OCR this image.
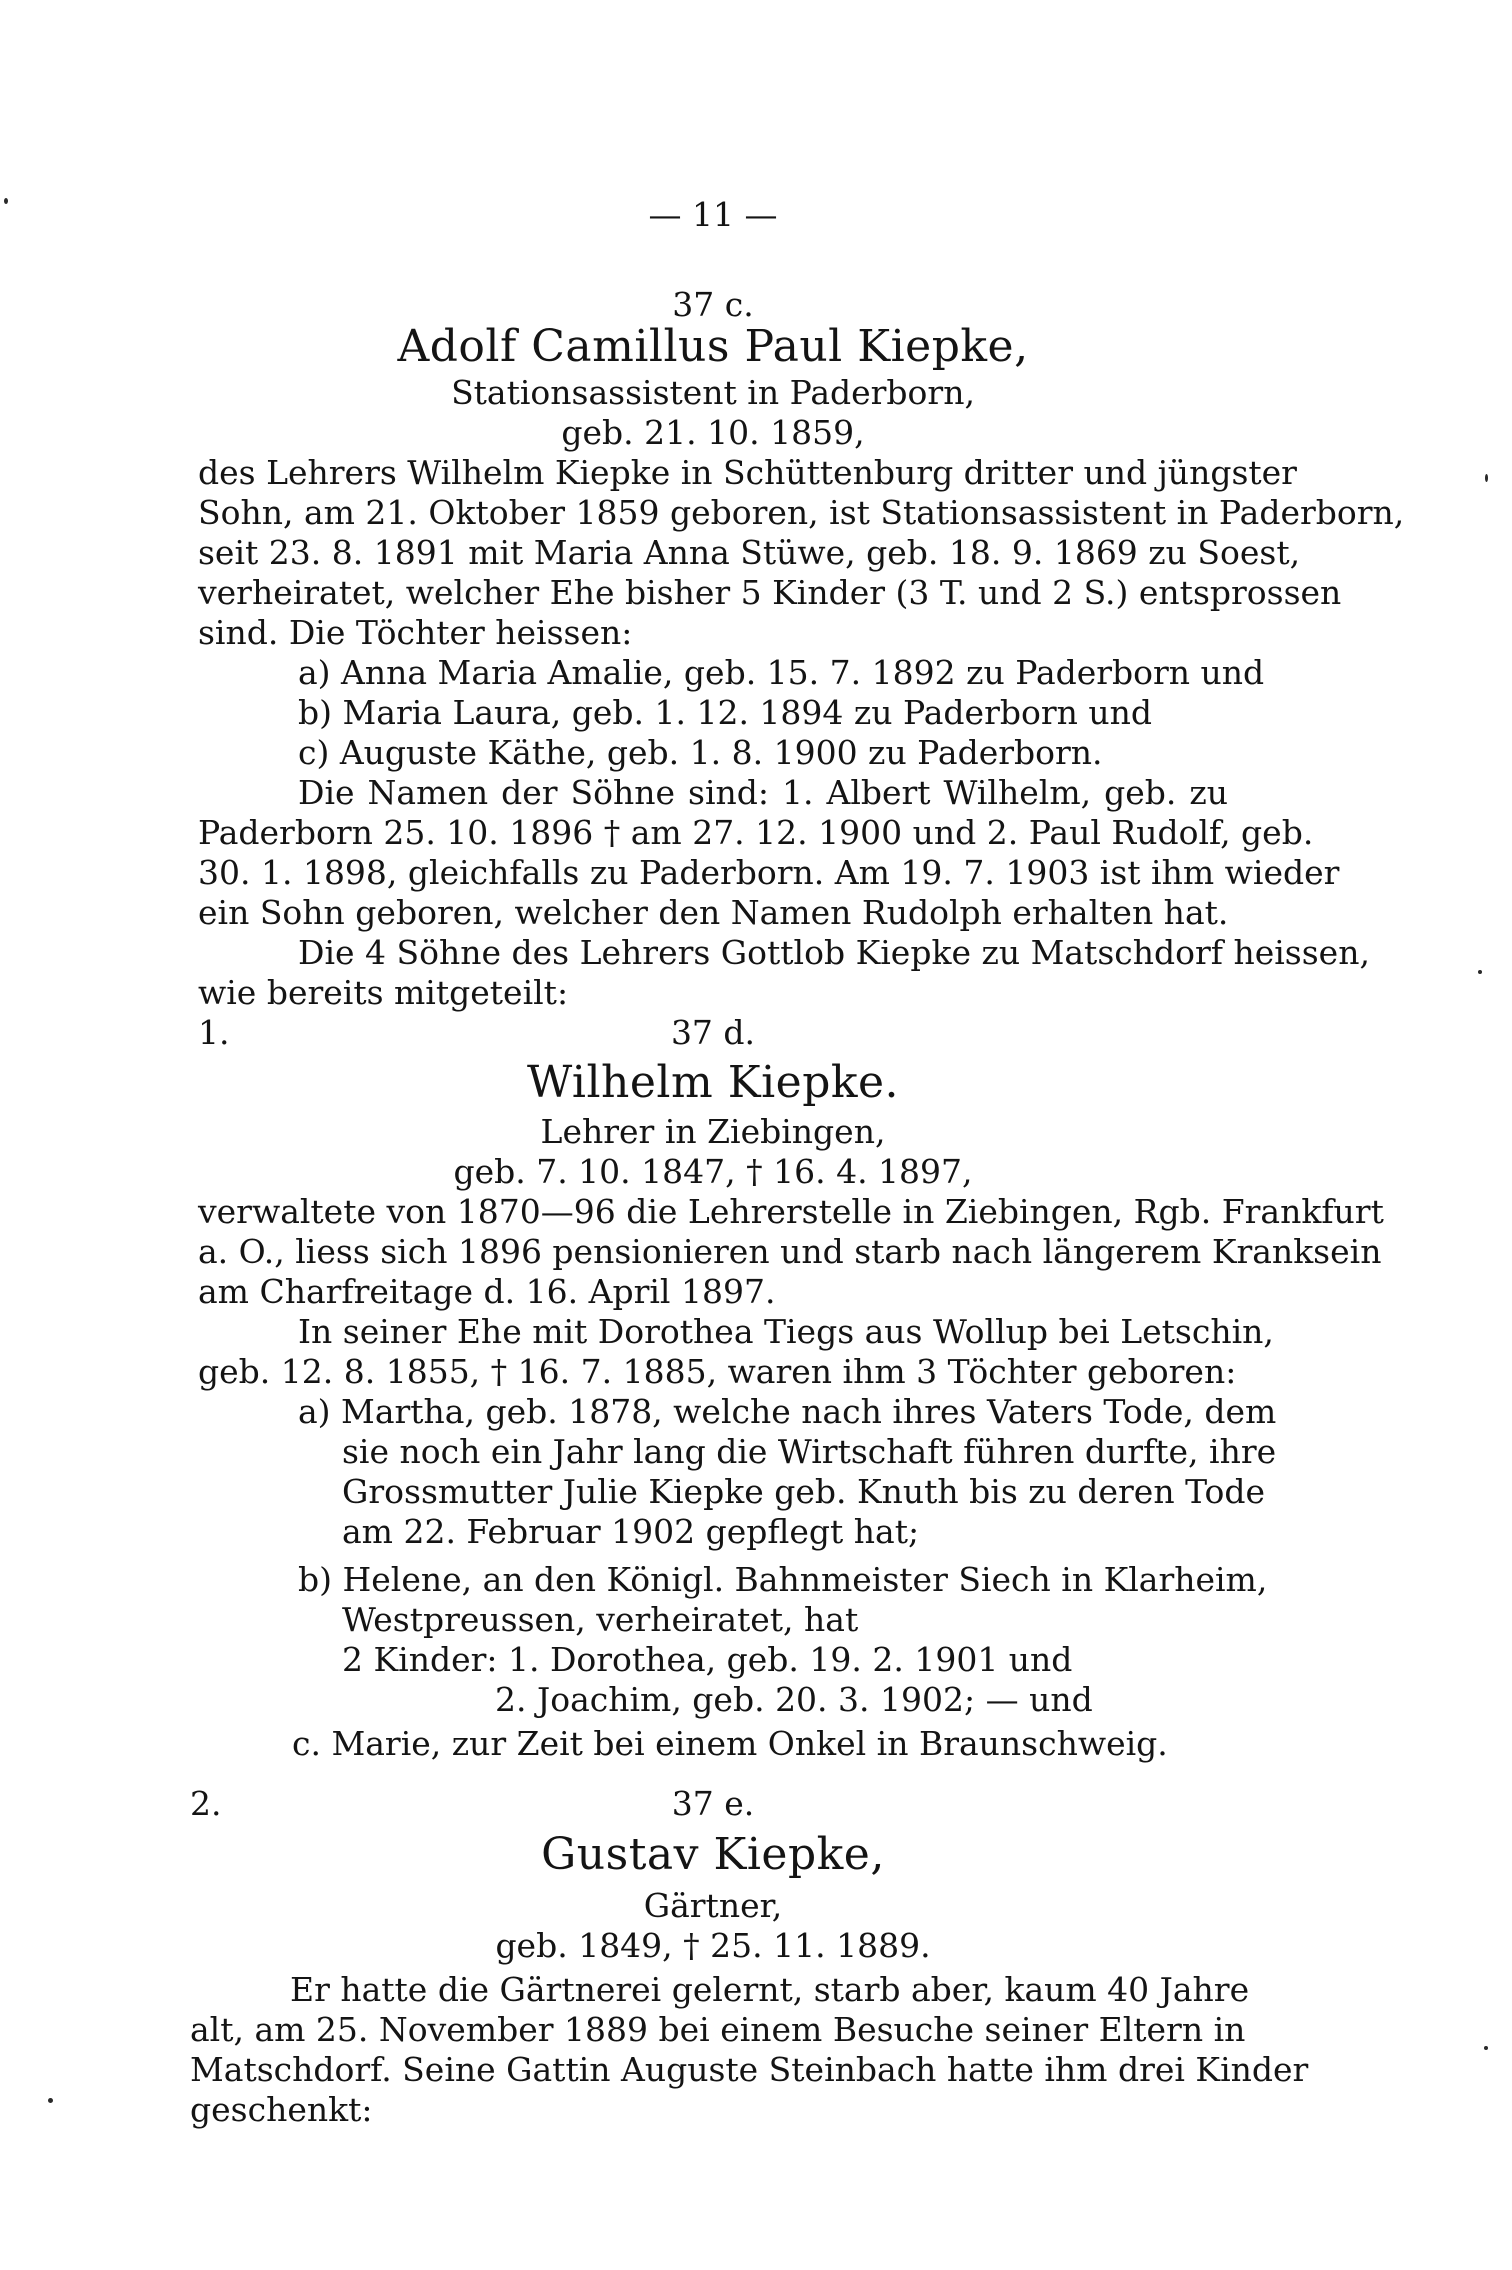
— 11 —
37 c.
Adolf Camillus Paul Kiepke,
Stationsassistent in Paderborn,
geb. 21. 10. 1859,
des Lehrers Wilhelm Kiepke in Schüttenburg dritter und jüngster
Sohn, am 21. Oktober 1859 geboren, ist Stationsassistent in Paderborn,
seit 23. 8. 1891 mit Maria Anna Stüwe, geb. 18. 9. 1869 zu Soest,
verheiratet, welcher Ehe bisher 5 Kinder (3 T. und 2 S.) entsprossen
sind. Die Töchter heissen:
a) Anna Maria Amalie, geb. 15. 7. 1892 zu Paderborn und
b) Maria Laura, geb. 1. 12. 1894 zu Paderborn und
c) Auguste Käthe, geb. 1. 8. 1900 zu Paderborn.
Die Namen der Söhne sind: 1. Albert Wilhelm, geb. zu
Paderborn 25. 10. 1896 † am 27. 12. 1900 und 2. Paul Rudolf, geb.
30. 1. 1898, gleichfalls zu Paderborn. Am 19. 7. 1903 ist ihm wieder
ein Sohn geboren, welcher den Namen Rudolph erhalten hat.
Die 4 Söhne des Lehrers Gottlob Kiepke zu Matschdorf heissen,
wie bereits mitgeteilt:
1.	37 d.
Wilhelm Kiepke.
Lehrer in Ziebingen,
geb. 7. 10. 1847, † 16. 4. 1897,
verwaltete von 1870—96 die Lehrerstelle in Ziebingen, Rgb. Frankfurt
a. O., liess sich 1896 pensionieren und starb nach längerem Kranksein
am Charfreitage d. 16. April 1897.
In seiner Ehe mit Dorothea Tiegs aus Wollup bei Letschin,
geb. 12. 8. 1855, † 16. 7. 1885, waren ihm 3 Töchter geboren:
a) Martha, geb. 1878, welche nach ihres Vaters Tode, dem
sie noch ein Jahr lang die Wirtschaft führen durfte, ihre
Grossmutter Julie Kiepke geb. Knuth bis zu deren Tode
am 22. Februar 1902 gepflegt hat;
b) Helene, an den Königl. Bahnmeister Siech in Klarheim,
Westpreussen, verheiratet, hat
2 Kinder: 1. Dorothea, geb. 19. 2. 1901 und
2. Joachim, geb. 20. 3. 1902; — und
c. Marie, zur Zeit bei einem Onkel in Braunschweig.
2.	37 e.
Gustav Kiepke,
Gärtner,
geb. 1849, † 25. 11. 1889.
Er hatte die Gärtnerei gelernt, starb aber, kaum 40 Jahre
alt, am 25. November 1889 bei einem Besuche seiner Eltern in
Matschdorf. Seine Gattin Auguste Steinbach hatte ihm drei Kinder
geschenkt:
